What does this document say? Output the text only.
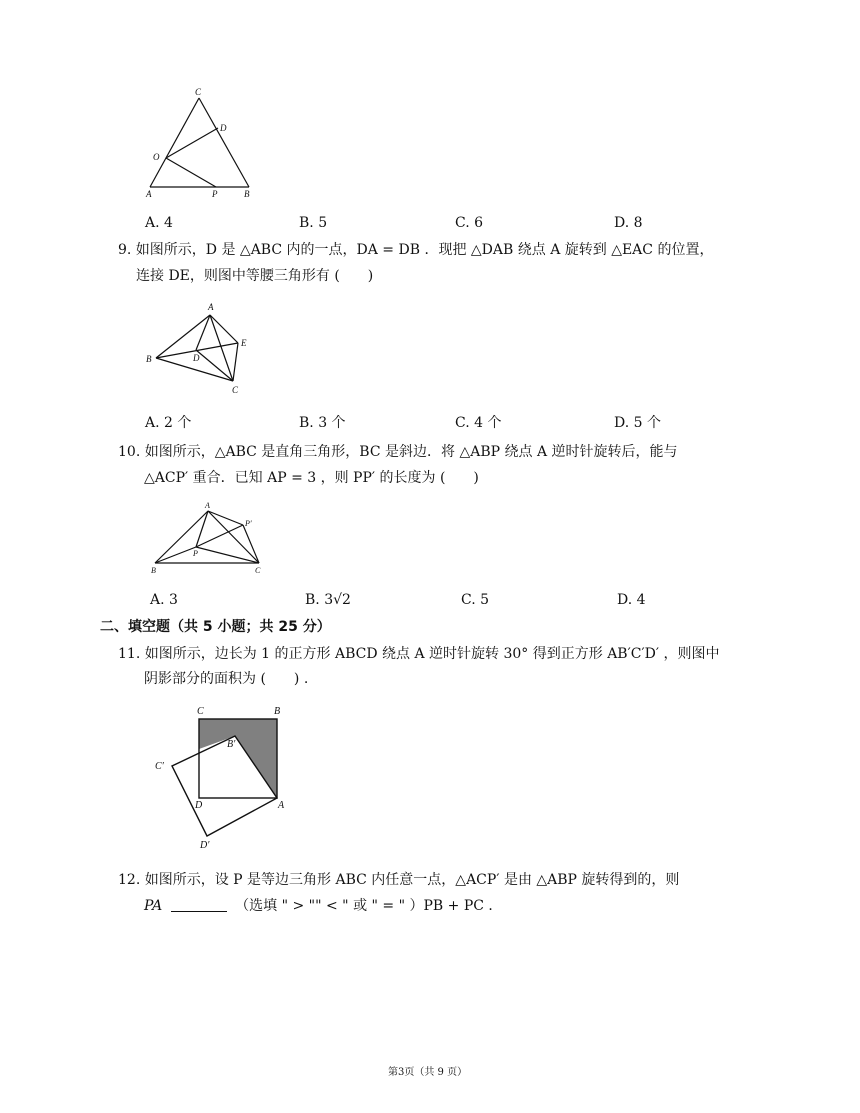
C
D
O
A	P	B
A. 4	B. 5	C. 6	D. 8
9. 如图所示，D 是 △ABC 内的一点，DA = DB ．现把 △DAB 绕点 A 旋转到 △EAC 的位置，
连接 DE，则图中等腰三角形有 (　　)
A
B	D
E
C
A. 2 个	B. 3 个	C. 4 个	D. 5 个
10. 如图所示，△ABC 是直角三角形，BC 是斜边．将 △ABP 绕点 A 逆时针旋转后，能与
△ACP′ 重合．已知 AP = 3 ，则 PP′ 的长度为 (　　)
A
P′
P
B	C
A. 3	B. 3√2	C. 5	D. 4
二、填空题（共 5 小题；共 25 分）
11. 如图所示，边长为 1 的正方形 ABCD 绕点 A 逆时针旋转 30° 得到正方形 AB′C′D′ ，则图中
阴影部分的面积为 (　　) .
C	B
B′
C′
D	A
D′
12. 如图所示，设 P 是等边三角形 ABC 内任意一点，△ACP′ 是由 △ABP 旋转得到的，则
PA	（选填 " > "" < " 或 " = " ）PB + PC ．
第3页（共 9 页）
